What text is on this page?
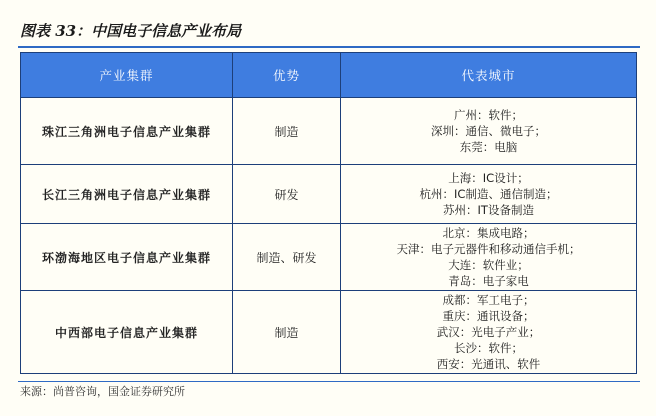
图表 33：中国电子信息产业布局
产业集群	优势	代表城市
珠江三角洲电子信息产业集群	制造	广州：软件；
深圳：通信、微电子；
东莞：电脑

长江三角洲电子信息产业集群	研发	上海：IC设计；
杭州：IC制造、通信制造；
苏州：IT设备制造

环渤海地区电子信息产业集群	制造、研发	北京：集成电路；
天津：电子元器件和移动通信手机；
大连：软件业；
青岛：电子家电

中西部电子信息产业集群	制造	成都：军工电子；
重庆：通讯设备；
武汉：光电子产业；
长沙：软件；
西安：光通讯、软件
来源：尚普咨询，国金证券研究所
